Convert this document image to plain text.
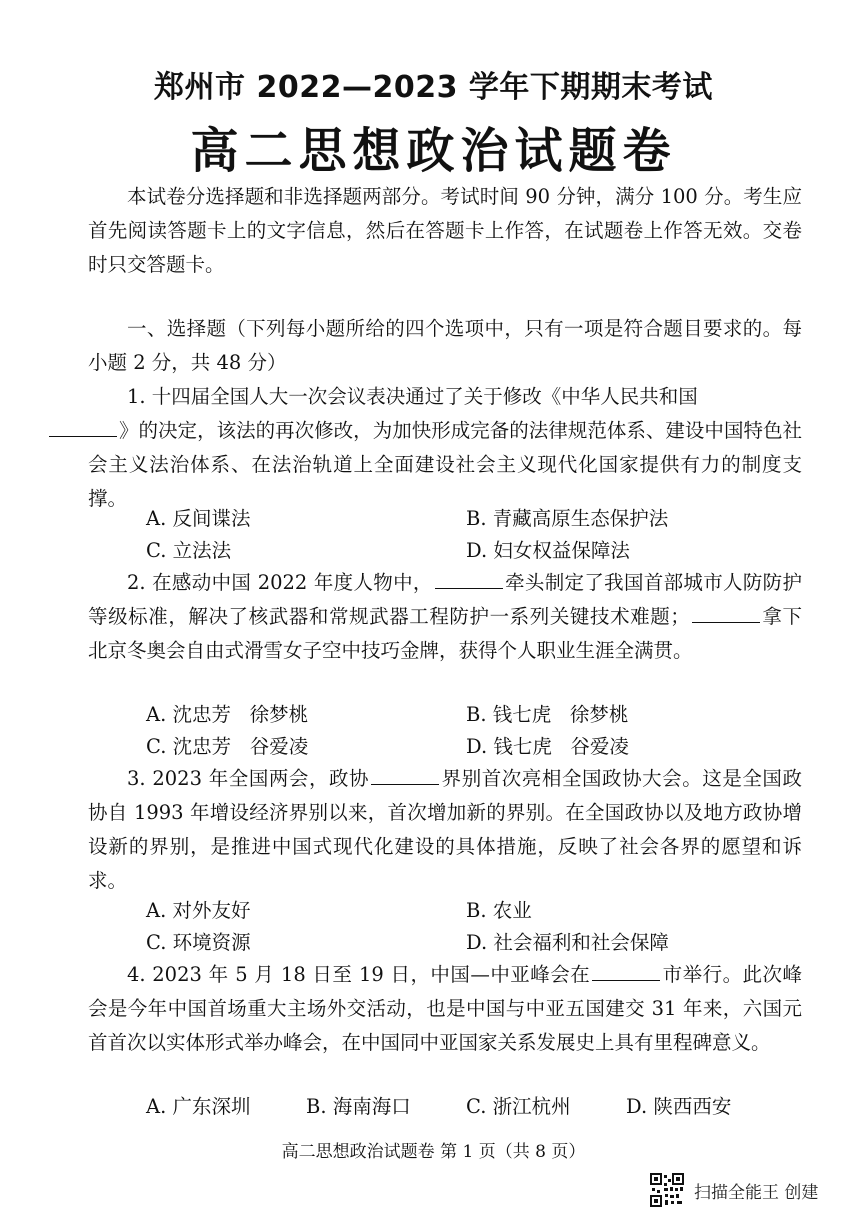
郑州市 2022—2023 学年下期期末考试
高二思想政治试题卷
本试卷分选择题和非选择题两部分。考试时间 90 分钟，满分 100 分。考生应首先阅读答题卡上的文字信息，然后在答题卡上作答，在试题卷上作答无效。交卷时只交答题卡。
一、选择题（下列每小题所给的四个选项中，只有一项是符合题目要求的。每小题 2 分，共 48 分）
1. 十四届全国人大一次会议表决通过了关于修改《中华人民共和国
》的决定，该法的再次修改，为加快形成完备的法律规范体系、建设中国特色社会主义法治体系、在法治轨道上全面建设社会主义现代化国家提供有力的制度支撑。
A. 反间谍法	B. 青藏高原生态保护法
C. 立法法	D. 妇女权益保障法
2. 在感动中国 2022 年度人物中，	牵头制定了我国首部城市人防防护等级标准，解决了核武器和常规武器工程防护一系列关键技术难题；	拿下北京冬奥会自由式滑雪女子空中技巧金牌，获得个人职业生涯全满贯。
A. 沈忠芳   徐梦桃	B. 钱七虎   徐梦桃
C. 沈忠芳   谷爱凌	D. 钱七虎   谷爱凌
3. 2023 年全国两会，政协	界别首次亮相全国政协大会。这是全国政协自 1993 年增设经济界别以来，首次增加新的界别。在全国政协以及地方政协增设新的界别，是推进中国式现代化建设的具体措施，反映了社会各界的愿望和诉求。
A. 对外友好	B. 农业
C. 环境资源	D. 社会福利和社会保障
4. 2023 年 5 月 18 日至 19 日，中国—中亚峰会在	市举行。此次峰会是今年中国首场重大主场外交活动，也是中国与中亚五国建交 31 年来，六国元首首次以实体形式举办峰会，在中国同中亚国家关系发展史上具有里程碑意义。
A. 广东深圳	B. 海南海口	C. 浙江杭州	D. 陕西西安
高二思想政治试题卷 第 1 页（共 8 页）
扫描全能王 创建
